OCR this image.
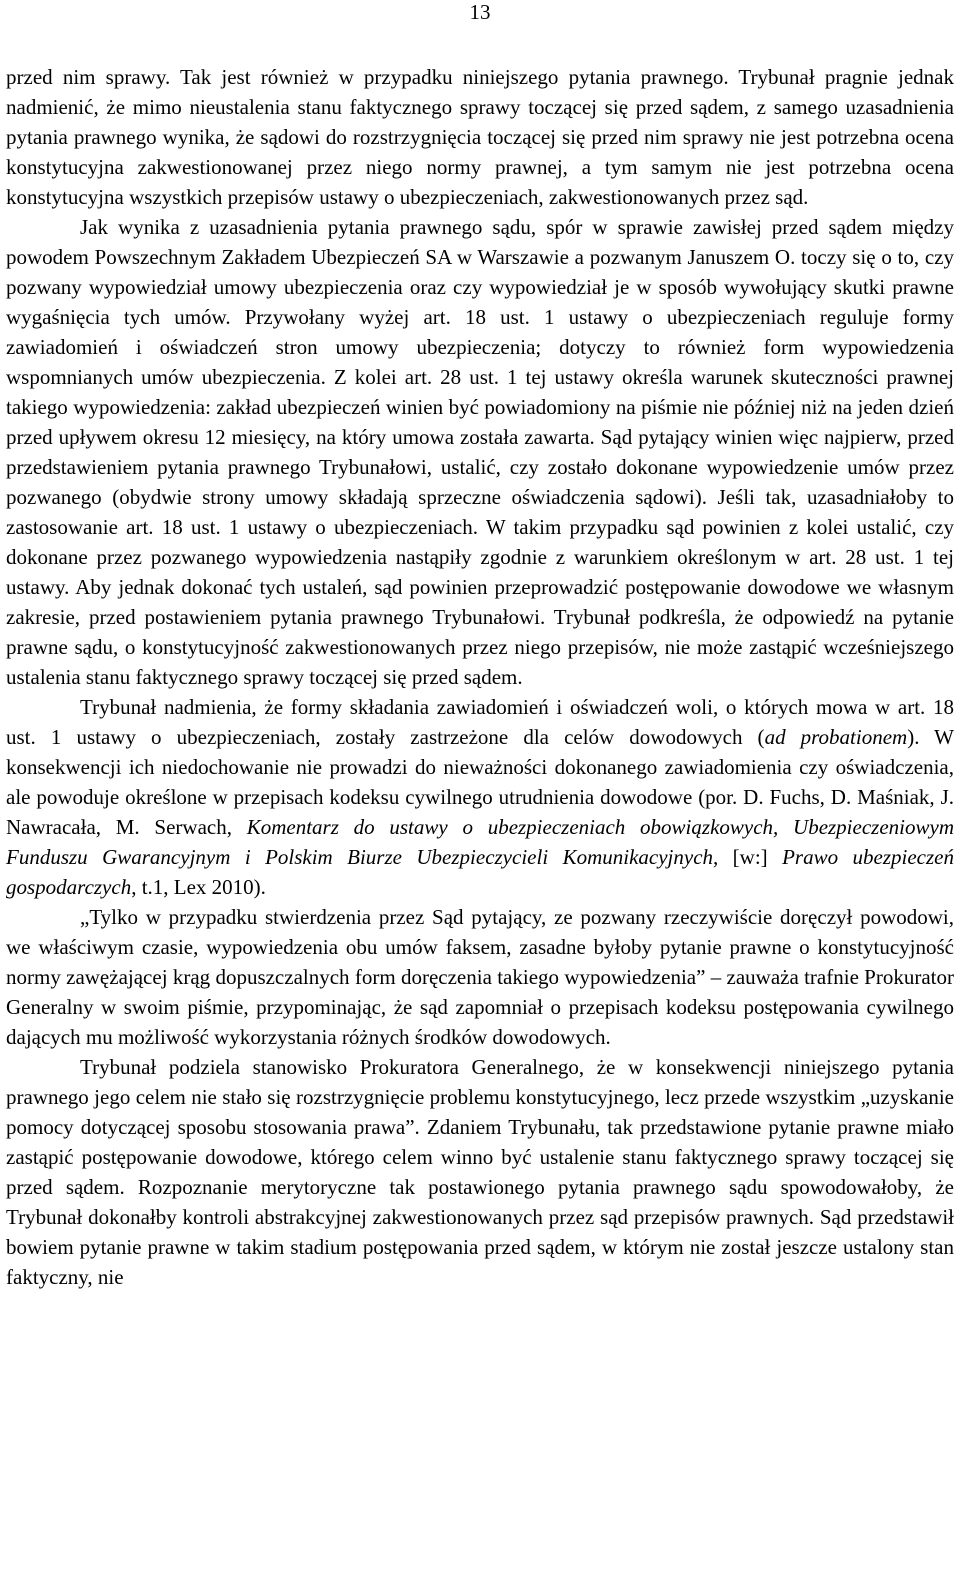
13

przed nim sprawy. Tak jest również w przypadku niniejszego pytania prawnego. Trybunał pragnie jednak nadmienić, że mimo nieustalenia stanu faktycznego sprawy toczącej się przed sądem, z samego uzasadnienia pytania prawnego wynika, że sądowi do rozstrzygnięcia toczącej się przed nim sprawy nie jest potrzebna ocena konstytucyjna zakwestionowanej przez niego normy prawnej, a tym samym nie jest potrzebna ocena konstytucyjna wszystkich przepisów ustawy o ubezpieczeniach, zakwestionowanych przez sąd.

Jak wynika z uzasadnienia pytania prawnego sądu, spór w sprawie zawisłej przed sądem między powodem Powszechnym Zakładem Ubezpieczeń SA w Warszawie a pozwanym Januszem O. toczy się o to, czy pozwany wypowiedział umowy ubezpieczenia oraz czy wypowiedział je w sposób wywołujący skutki prawne wygaśnięcia tych umów. Przywołany wyżej art. 18 ust. 1 ustawy o ubezpieczeniach reguluje formy zawiadomień i oświadczeń stron umowy ubezpieczenia; dotyczy to również form wypowiedzenia wspomnianych umów ubezpieczenia. Z kolei art. 28 ust. 1 tej ustawy określa warunek skuteczności prawnej takiego wypowiedzenia: zakład ubezpieczeń winien być powiadomiony na piśmie nie później niż na jeden dzień przed upływem okresu 12 miesięcy, na który umowa została zawarta. Sąd pytający winien więc najpierw, przed przedstawieniem pytania prawnego Trybunałowi, ustalić, czy zostało dokonane wypowiedzenie umów przez pozwanego (obydwie strony umowy składają sprzeczne oświadczenia sądowi). Jeśli tak, uzasadniałoby to zastosowanie art. 18 ust. 1 ustawy o ubezpieczeniach. W takim przypadku sąd powinien z kolei ustalić, czy dokonane przez pozwanego wypowiedzenia nastąpiły zgodnie z warunkiem określonym w art. 28 ust. 1 tej ustawy. Aby jednak dokonać tych ustaleń, sąd powinien przeprowadzić postępowanie dowodowe we własnym zakresie, przed postawieniem pytania prawnego Trybunałowi. Trybunał podkreśla, że odpowiedź na pytanie prawne sądu, o konstytucyjność zakwestionowanych przez niego przepisów, nie może zastąpić wcześniejszego ustalenia stanu faktycznego sprawy toczącej się przed sądem.

Trybunał nadmienia, że formy składania zawiadomień i oświadczeń woli, o których mowa w art. 18 ust. 1 ustawy o ubezpieczeniach, zostały zastrzeżone dla celów dowodowych (ad probationem). W konsekwencji ich niedochowanie nie prowadzi do nieważności dokonanego zawiadomienia czy oświadczenia, ale powoduje określone w przepisach kodeksu cywilnego utrudnienia dowodowe (por. D. Fuchs, D. Maśniak, J. Nawracała, M. Serwach, Komentarz do ustawy o ubezpieczeniach obowiązkowych, Ubezpieczeniowym Funduszu Gwarancyjnym i Polskim Biurze Ubezpieczycieli Komunikacyjnych, [w:] Prawo ubezpieczeń gospodarczych, t.1, Lex 2010).

„Tylko w przypadku stwierdzenia przez Sąd pytający, ze pozwany rzeczywiście doręczył powodowi, we właściwym czasie, wypowiedzenia obu umów faksem, zasadne byłoby pytanie prawne o konstytucyjność normy zawężającej krąg dopuszczalnych form doręczenia takiego wypowiedzenia” – zauważa trafnie Prokurator Generalny w swoim piśmie, przypominając, że sąd zapomniał o przepisach kodeksu postępowania cywilnego dających mu możliwość wykorzystania różnych środków dowodowych.

Trybunał podziela stanowisko Prokuratora Generalnego, że w konsekwencji niniejszego pytania prawnego jego celem nie stało się rozstrzygnięcie problemu konstytucyjnego, lecz przede wszystkim „uzyskanie pomocy dotyczącej sposobu stosowania prawa”. Zdaniem Trybunału, tak przedstawione pytanie prawne miało zastąpić postępowanie dowodowe, którego celem winno być ustalenie stanu faktycznego sprawy toczącej się przed sądem. Rozpoznanie merytoryczne tak postawionego pytania prawnego sądu spowodowałoby, że Trybunał dokonałby kontroli abstrakcyjnej zakwestionowanych przez sąd przepisów prawnych. Sąd przedstawił bowiem pytanie prawne w takim stadium postępowania przed sądem, w którym nie został jeszcze ustalony stan faktyczny, nie
